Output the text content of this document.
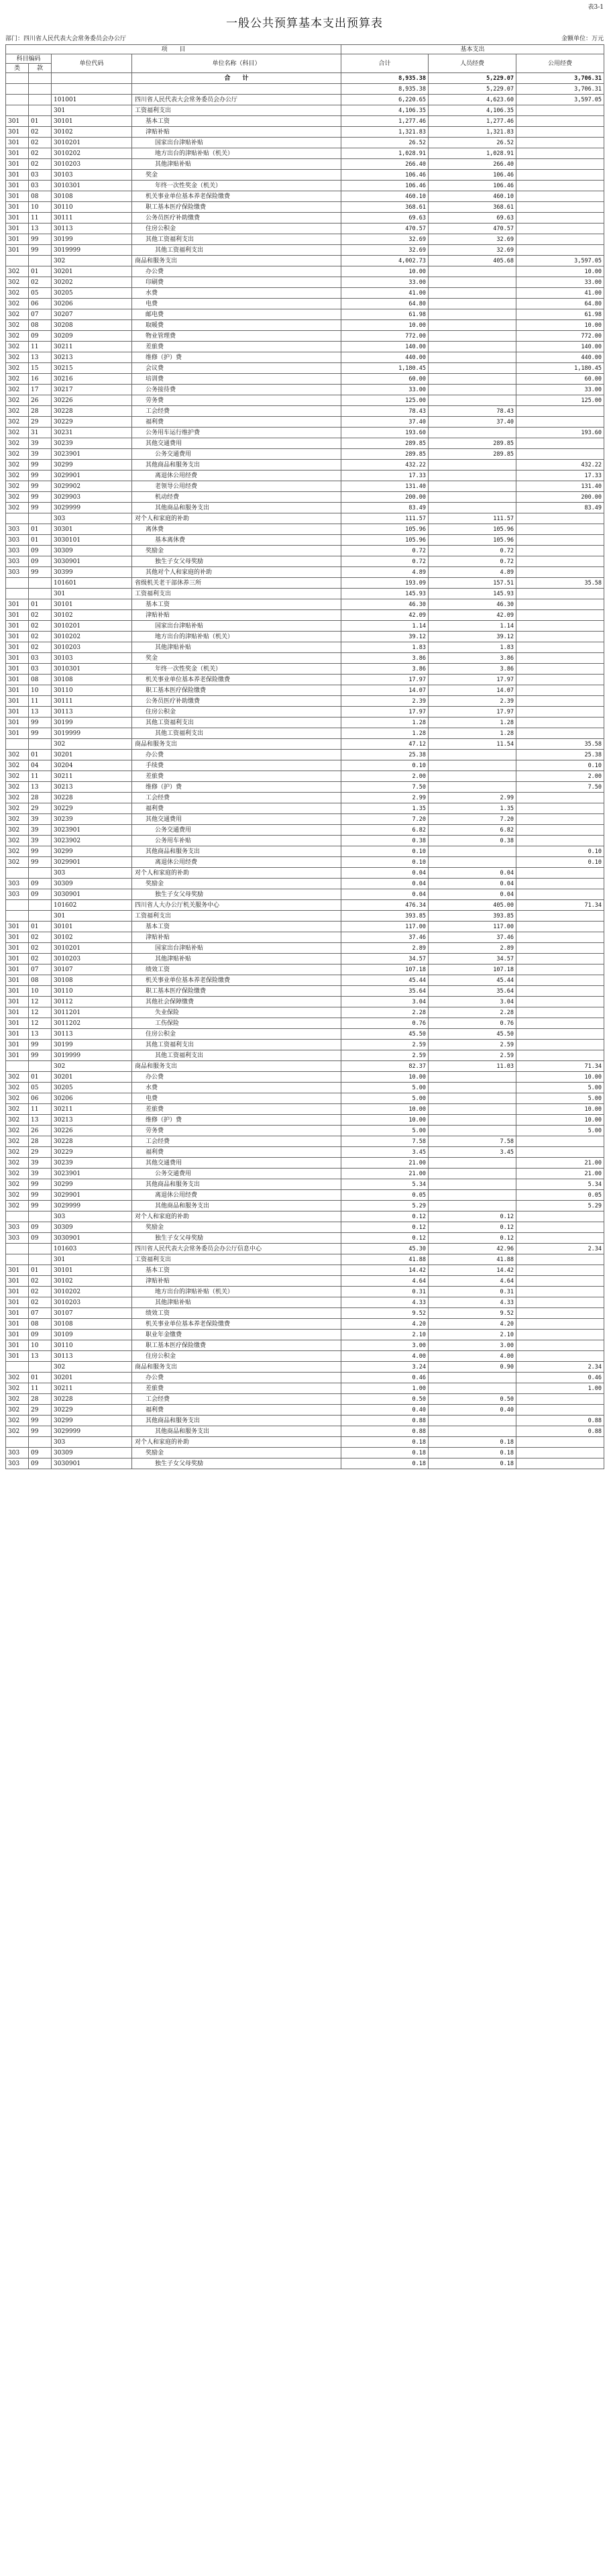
表3-1
一般公共预算基本支出预算表
部门：四川省人民代表大会常务委员会办公厅	金额单位：万元
项　　目				基本支出		
科目编码		单位代码	单位名称（科目）	合计	人员经费	公用经费
类	款					
			合　　计	8,935.38	5,229.07	3,706.31
				8,935.38	5,229.07	3,706.31
		101001	四川省人民代表大会常务委员会办公厅	6,220.65	4,623.60	3,597.05
		301	工资福利支出	4,106.35	4,106.35	
301	01	30101	基本工资	1,277.46	1,277.46	
301	02	30102	津贴补贴	1,321.83	1,321.83	
301	02	3010201	国家出台津贴补贴	26.52	26.52	
301	02	3010202	地方出台的津贴补贴（机关）	1,028.91	1,028.91	
301	02	3010203	其他津贴补贴	266.40	266.40	
301	03	30103	奖金	106.46	106.46	
301	03	3010301	年终一次性奖金（机关）	106.46	106.46	
301	08	30108	机关事业单位基本养老保险缴费	460.10	460.10	
301	10	30110	职工基本医疗保险缴费	368.61	368.61	
301	11	30111	公务员医疗补助缴费	69.63	69.63	
301	13	30113	住房公积金	470.57	470.57	
301	99	30199	其他工资福利支出	32.69	32.69	
301	99	3019999	其他工资福利支出	32.69	32.69	
		302	商品和服务支出	4,002.73	405.68	3,597.05
302	01	30201	办公费	10.00		10.00
302	02	30202	印刷费	33.00		33.00
302	05	30205	水费	41.00		41.00
302	06	30206	电费	64.80		64.80
302	07	30207	邮电费	61.98		61.98
302	08	30208	取暖费	10.00		10.00
302	09	30209	物业管理费	772.00		772.00
302	11	30211	差旅费	140.00		140.00
302	13	30213	维修（护）费	440.00		440.00
302	15	30215	会议费	1,180.45		1,180.45
302	16	30216	培训费	60.00		60.00
302	17	30217	公务接待费	33.00		33.00
302	26	30226	劳务费	125.00		125.00
302	28	30228	工会经费	78.43	78.43	
302	29	30229	福利费	37.40	37.40	
302	31	30231	公务用车运行维护费	193.60		193.60
302	39	30239	其他交通费用	289.85	289.85	
302	39	3023901	公务交通费用	289.85	289.85	
302	99	30299	其他商品和服务支出	432.22		432.22
302	99	3029901	离退休公用经费	17.33		17.33
302	99	3029902	老领导公用经费	131.40		131.40
302	99	3029903	机动经费	200.00		200.00
302	99	3029999	其他商品和服务支出	83.49		83.49
		303	对个人和家庭的补助	111.57	111.57	
303	01	30301	离休费	105.96	105.96	
303	01	3030101	基本离休费	105.96	105.96	
303	09	30309	奖励金	0.72	0.72	
303	09	3030901	独生子女父母奖励	0.72	0.72	
303	99	30399	其他对个人和家庭的补助	4.89	4.89	
		101601	省级机关老干部休养三所	193.09	157.51	35.58
		301	工资福利支出	145.93	145.93	
301	01	30101	基本工资	46.30	46.30	
301	02	30102	津贴补贴	42.09	42.09	
301	02	3010201	国家出台津贴补贴	1.14	1.14	
301	02	3010202	地方出台的津贴补贴（机关）	39.12	39.12	
301	02	3010203	其他津贴补贴	1.83	1.83	
301	03	30103	奖金	3.86	3.86	
301	03	3010301	年终一次性奖金（机关）	3.86	3.86	
301	08	30108	机关事业单位基本养老保险缴费	17.97	17.97	
301	10	30110	职工基本医疗保险缴费	14.07	14.07	
301	11	30111	公务员医疗补助缴费	2.39	2.39	
301	13	30113	住房公积金	17.97	17.97	
301	99	30199	其他工资福利支出	1.28	1.28	
301	99	3019999	其他工资福利支出	1.28	1.28	
		302	商品和服务支出	47.12	11.54	35.58
302	01	30201	办公费	25.38		25.38
302	04	30204	手续费	0.10		0.10
302	11	30211	差旅费	2.00		2.00
302	13	30213	维修（护）费	7.50		7.50
302	28	30228	工会经费	2.99	2.99	
302	29	30229	福利费	1.35	1.35	
302	39	30239	其他交通费用	7.20	7.20	
302	39	3023901	公务交通费用	6.82	6.82	
302	39	3023902	公务用车补贴	0.38	0.38	
302	99	30299	其他商品和服务支出	0.10		0.10
302	99	3029901	离退休公用经费	0.10		0.10
		303	对个人和家庭的补助	0.04	0.04	
303	09	30309	奖励金	0.04	0.04	
303	09	3030901	独生子女父母奖励	0.04	0.04	
		101602	四川省人大办公厅机关服务中心	476.34	405.00	71.34
		301	工资福利支出	393.85	393.85	
301	01	30101	基本工资	117.00	117.00	
301	02	30102	津贴补贴	37.46	37.46	
301	02	3010201	国家出台津贴补贴	2.89	2.89	
301	02	3010203	其他津贴补贴	34.57	34.57	
301	07	30107	绩效工资	107.18	107.18	
301	08	30108	机关事业单位基本养老保险缴费	45.44	45.44	
301	10	30110	职工基本医疗保险缴费	35.64	35.64	
301	12	30112	其他社会保障缴费	3.04	3.04	
301	12	3011201	失业保险	2.28	2.28	
301	12	3011202	工伤保险	0.76	0.76	
301	13	30113	住房公积金	45.50	45.50	
301	99	30199	其他工资福利支出	2.59	2.59	
301	99	3019999	其他工资福利支出	2.59	2.59	
		302	商品和服务支出	82.37	11.03	71.34
302	01	30201	办公费	10.00		10.00
302	05	30205	水费	5.00		5.00
302	06	30206	电费	5.00		5.00
302	11	30211	差旅费	10.00		10.00
302	13	30213	维修（护）费	10.00		10.00
302	26	30226	劳务费	5.00		5.00
302	28	30228	工会经费	7.58	7.58	
302	29	30229	福利费	3.45	3.45	
302	39	30239	其他交通费用	21.00		21.00
302	39	3023901	公务交通费用	21.00		21.00
302	99	30299	其他商品和服务支出	5.34		5.34
302	99	3029901	离退休公用经费	0.05		0.05
302	99	3029999	其他商品和服务支出	5.29		5.29
		303	对个人和家庭的补助	0.12	0.12	
303	09	30309	奖励金	0.12	0.12	
303	09	3030901	独生子女父母奖励	0.12	0.12	
		101603	四川省人民代表大会常务委员会办公厅信息中心	45.30	42.96	2.34
		301	工资福利支出	41.88	41.88	
301	01	30101	基本工资	14.42	14.42	
301	02	30102	津贴补贴	4.64	4.64	
301	02	3010202	地方出台的津贴补贴（机关）	0.31	0.31	
301	02	3010203	其他津贴补贴	4.33	4.33	
301	07	30107	绩效工资	9.52	9.52	
301	08	30108	机关事业单位基本养老保险缴费	4.20	4.20	
301	09	30109	职业年金缴费	2.10	2.10	
301	10	30110	职工基本医疗保险缴费	3.00	3.00	
301	13	30113	住房公积金	4.00	4.00	
		302	商品和服务支出	3.24	0.90	2.34
302	01	30201	办公费	0.46		0.46
302	11	30211	差旅费	1.00		1.00
302	28	30228	工会经费	0.50	0.50	
302	29	30229	福利费	0.40	0.40	
302	99	30299	其他商品和服务支出	0.88		0.88
302	99	3029999	其他商品和服务支出	0.88		0.88
		303	对个人和家庭的补助	0.18	0.18	
303	09	30309	奖励金	0.18	0.18	
303	09	3030901	独生子女父母奖励	0.18	0.18	
